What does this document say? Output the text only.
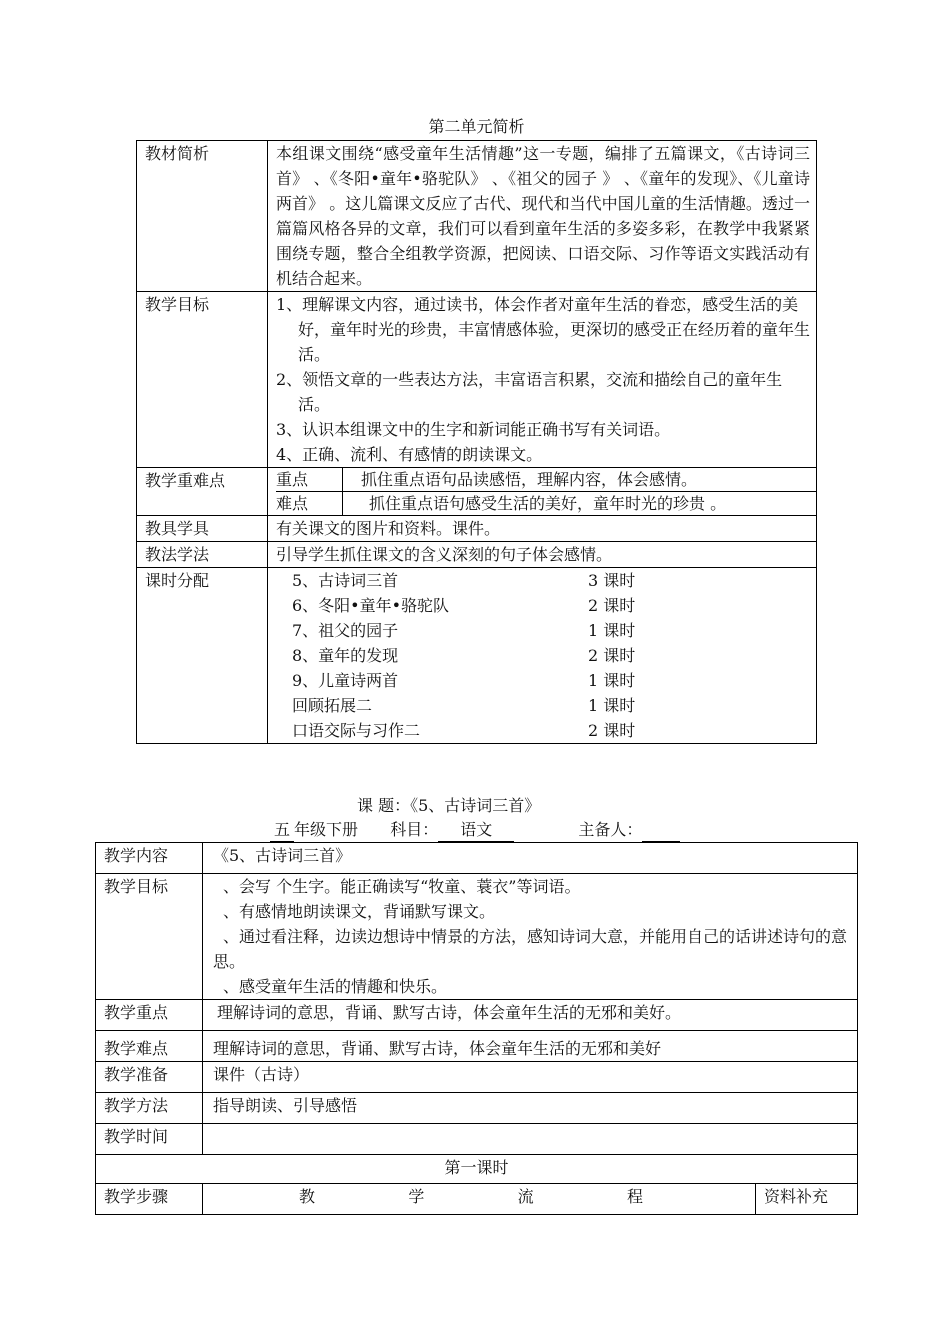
第二单元简析
教材简析	本组课文围绕“感受童年生活情趣”这一专题，编排了五篇课文，《古诗词三首》 、《冬阳•童年•骆驼队》 、《祖父的园子 》 、《童年的发现》、《儿童诗两首》 。这儿篇课文反应了古代、现代和当代中国儿童的生活情趣。透过一篇篇风格各异的文章，我们可以看到童年生活的多姿多彩，在教学中我紧紧围绕专题，整合全组教学资源，把阅读、口语交际、习作等语文实践活动有机结合起来。
教学目标	1、理解课文内容，通过读书，体会作者对童年生活的眷恋，感受生活的美好，童年时光的珍贵，丰富情感体验，更深切的感受正在经历着的童年生活。
2、领悟文章的一些表达方法，丰富语言积累，交流和描绘自己的童年生活。
3、认识本组课文中的生字和新词能正确书写有关词语。
4、正确、流利、有感情的朗读课文。

教学重难点		重点	抓住重点语句品读感悟，理解内容，体会感情。
难点	抓住重点语句感受生活的美好，童年时光的珍贵 。

教具学具	有关课文的图片和资料。课件。
教法学法	引导学生抓住课文的含义深刻的句子体会感情。
课时分配		5、古诗词三首	3 课时
6、冬阳•童年•骆驼队	2 课时
7、祖父的园子	1 课时
8、童年的发现	2 课时
9、儿童诗两首	1 课时
回顾拓展二	1 课时
口语交际与习作二	2 课时
课 题：《5、古诗词三首》
五 年级下册 科目： 语文	主备人：
教学内容	《5、古诗词三首》	
教学目标	、会写 个生字。能正确读写“牧童、蓑衣”等词语。
、有感情地朗读课文，背诵默写课文。
、通过看注释，边读边想诗中情景的方法，感知诗词大意，并能用自己的话讲述诗句的意思。
、感受童年生活的情趣和快乐。	

教学重点	理解诗词的意思，背诵、默写古诗，体会童年生活的无邪和美好。	
教学难点	理解诗词的意思，背诵、默写古诗，体会童年生活的无邪和美好	
教学准备	课件（古诗）	
教学方法	指导朗读、引导感悟	
教学时间		
第一课时		
教学步骤	教 学 流 程	资料补充
